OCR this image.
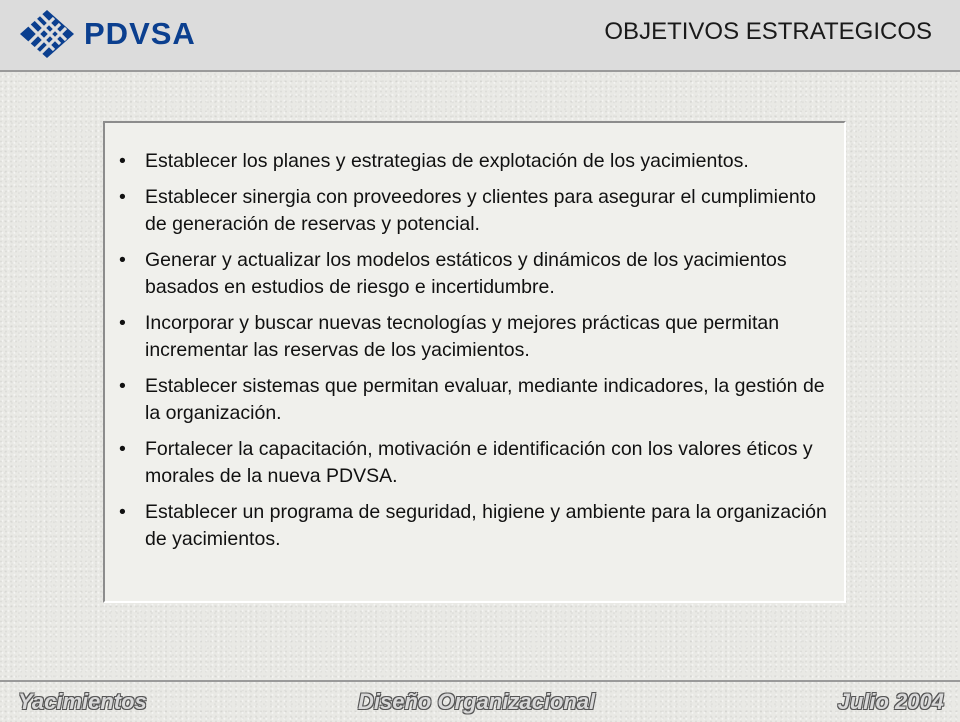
PDVSA	OBJETIVOS ESTRATEGICOS
• Establecer los planes y estrategias de explotación de los yacimientos.
• Establecer sinergia con proveedores y clientes para asegurar el cumplimiento de generación de reservas y potencial.
• Generar y actualizar los modelos estáticos y dinámicos de los yacimientos basados en estudios de riesgo e incertidumbre.
• Incorporar y buscar nuevas tecnologías y mejores prácticas que permitan incrementar las reservas de los yacimientos.
• Establecer sistemas que permitan evaluar, mediante indicadores, la gestión de la organización.
• Fortalecer la capacitación, motivación e identificación con los valores éticos y morales de la nueva PDVSA.
• Establecer un programa de seguridad, higiene y ambiente para la organización de yacimientos.
Yacimientos	Diseño Organizacional	Julio 2004
